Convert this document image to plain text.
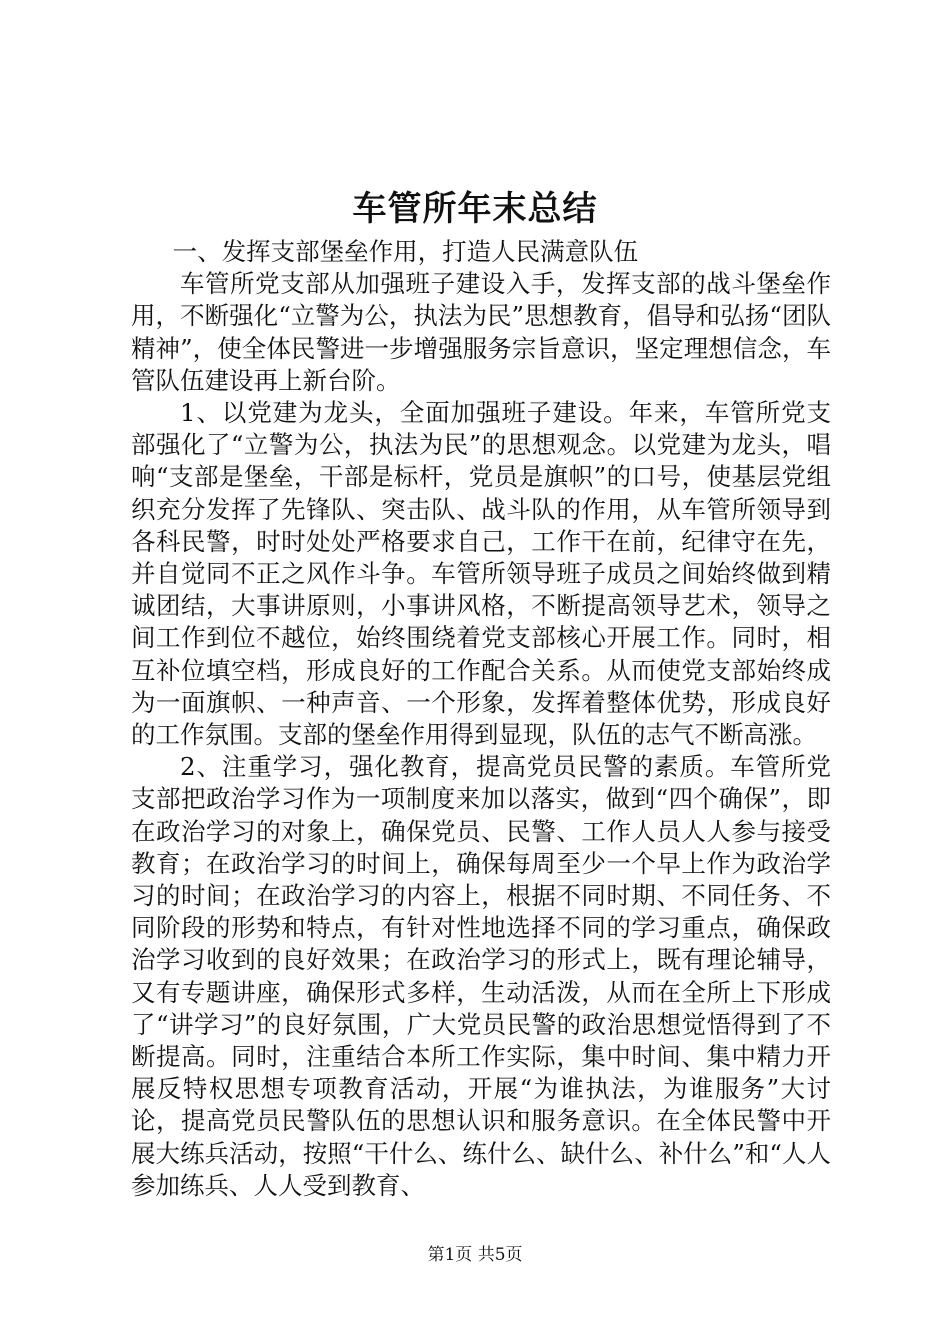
车管所年末总结

一、发挥支部堡垒作用，打造人民满意队伍

车管所党支部从加强班子建设入手，发挥支部的战斗堡垒作用，不断强化“立警为公，执法为民”思想教育，倡导和弘扬“团队精神”，使全体民警进一步增强服务宗旨意识，坚定理想信念，车管队伍建设再上新台阶。

1、以党建为龙头，全面加强班子建设。年来，车管所党支部强化了“立警为公，执法为民”的思想观念。以党建为龙头，唱响“支部是堡垒，干部是标杆，党员是旗帜”的口号，使基层党组织充分发挥了先锋队、突击队、战斗队的作用，从车管所领导到各科民警，时时处处严格要求自己，工作干在前，纪律守在先，并自觉同不正之风作斗争。车管所领导班子成员之间始终做到精诚团结，大事讲原则，小事讲风格，不断提高领导艺术，领导之间工作到位不越位，始终围绕着党支部核心开展工作。同时，相互补位填空档，形成良好的工作配合关系。从而使党支部始终成为一面旗帜、一种声音、一个形象，发挥着整体优势，形成良好的工作氛围。支部的堡垒作用得到显现，队伍的志气不断高涨。

2、注重学习，强化教育，提高党员民警的素质。车管所党支部把政治学习作为一项制度来加以落实，做到“四个确保”，即在政治学习的对象上，确保党员、民警、工作人员人人参与接受教育；在政治学习的时间上，确保每周至少一个早上作为政治学习的时间；在政治学习的内容上，根据不同时期、不同任务、不同阶段的形势和特点，有针对性地选择不同的学习重点，确保政治学习收到的良好效果；在政治学习的形式上，既有理论辅导，又有专题讲座，确保形式多样，生动活泼，从而在全所上下形成了“讲学习”的良好氛围，广大党员民警的政治思想觉悟得到了不断提高。同时，注重结合本所工作实际，集中时间、集中精力开展反特权思想专项教育活动，开展“为谁执法，为谁服务”大讨论，提高党员民警队伍的思想认识和服务意识。在全体民警中开展大练兵活动，按照“干什么、练什么、缺什么、补什么”和“人人参加练兵、人人受到教育、

第1页 共5页
